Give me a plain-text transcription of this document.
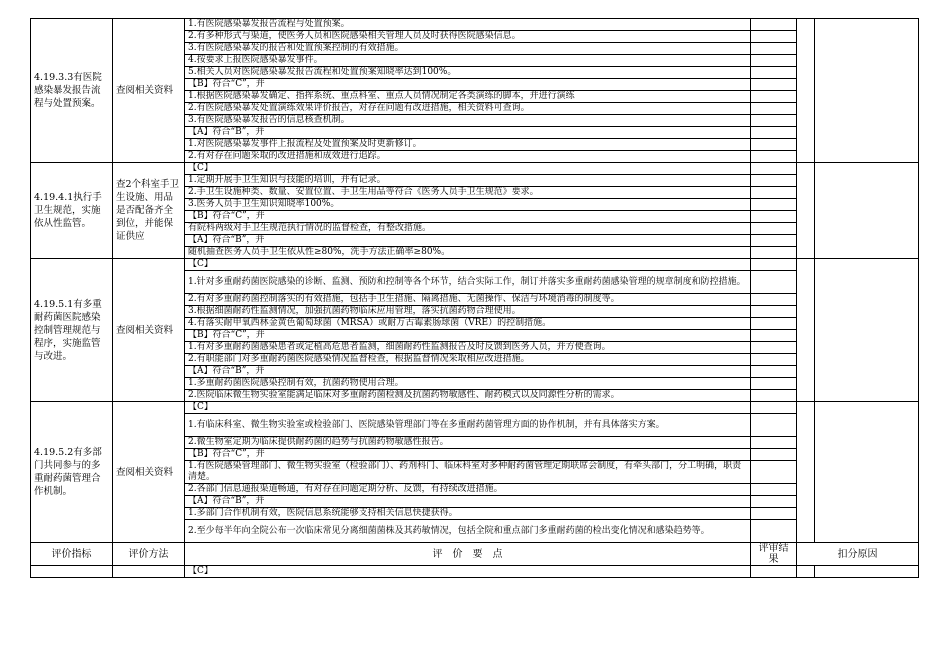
4.19.3.3有医院感染暴发报告流程与处置预案。	查阅相关资料	1.有医院感染暴发报告流程与处置预案。			
		2.有多种形式与渠道，使医务人员和医院感染相关管理人员及时获得医院感染信息。			
		3.有医院感染暴发的报告和处置预案控制的有效措施。			
		4.按要求上报医院感染暴发事件。			
		5.相关人员对医院感染暴发报告流程和处置预案知晓率达到100%。			
		【B】符合“C”，并			
		1.根据医院感染暴发确定、指挥系统、重点科室、重点人员情况制定各类演练的脚本，并进行演练			
		2.有医院感染暴发处置演练效果评价报告，对存在问题有改进措施，相关资料可查询。			
		3.有医院感染暴发报告的信息核查机制。			
		【A】符合“B”，并			
		1.对医院感染暴发事件上报流程及处置预案及时更新修订。			
		2.有对存在问题采取的改进措施和成效进行追踪。			
4.19.4.1执行手卫生规范，实施依从性监管。	查2个科室手卫生设施、用品是否配备齐全到位，并能保证供应	【C】			
		1.定期开展手卫生知识与技能的培训，并有记录。			
		2.手卫生设施种类、数量、安置位置、手卫生用品等符合《医务人员手卫生规范》要求。			
		3.医务人员手卫生知识知晓率100%。			
		【B】符合“C”，并			
		有院科两级对手卫生规范执行情况的监督检查，有整改措施。			
		【A】符合“B”，并			
		随机抽查医务人员手卫生依从性≥80%，洗手方法正确率≥80%。			
4.19.5.1有多重耐药菌医院感染控制管理规范与程序，实施监管与改进。	查阅相关资料	【C】			
		1.针对多重耐药菌医院感染的诊断、监测、预防和控制等各个环节，结合实际工作，制订并落实多重耐药菌感染管理的规章制度和防控措施。			
		2.有对多重耐药菌控制落实的有效措施，包括手卫生措施、隔离措施、无菌操作、保洁与环境消毒的制度等。			
		3.根据细菌耐药性监测情况，加强抗菌药物临床应用管理，落实抗菌药物合理使用。			
		4.有落实耐甲氧西林金黄色葡萄球菌（MRSA）或耐万古霉素肠球菌（VRE）的控制措施。			
		【B】符合“C”，并			
		1.有对多重耐药菌感染患者或定植高危患者监测，细菌耐药性监测报告及时反馈到医务人员，并方便查询。			
		2.有职能部门对多重耐药菌医院感染情况监督检查，根据监督情况采取相应改进措施。			
		【A】符合“B”，并			
		1.多重耐药菌医院感染控制有效，抗菌药物使用合理。			
		2.医院临床微生物实验室能满足临床对多重耐药菌检测及抗菌药物敏感性、耐药模式以及同源性分析的需求。			
4.19.5.2有多部门共同参与的多重耐药菌管理合作机制。	查阅相关资料	【C】			
		1.有临床科室、微生物实验室或检验部门、医院感染管理部门等在多重耐药菌管理方面的协作机制，并有具体落实方案。			
		2.微生物室定期为临床提供耐药菌的趋势与抗菌药物敏感性报告。			
		【B】符合“C”，并			
		1.有医院感染管理部门、微生物实验室（检验部门）、药剂科门、临床科室对多种耐药菌管理定期联席会制度，有牵头部门，分工明确，职责清楚。			
		2.各部门信息通报渠道畅通，有对存在问题定期分析、反馈，有持续改进措施。			
		【A】符合“B”，并			
		1.多部门合作机制有效，医院信息系统能够支持相关信息快捷获得。			
		2.至少每半年向全院公布一次临床常见分离细菌菌株及其药敏情况，包括全院和重点部门多重耐药菌的检出变化情况和感染趋势等。			
评价指标	评价方法	评　价　要　点	评审结果	扣分原因	
		【C】			
